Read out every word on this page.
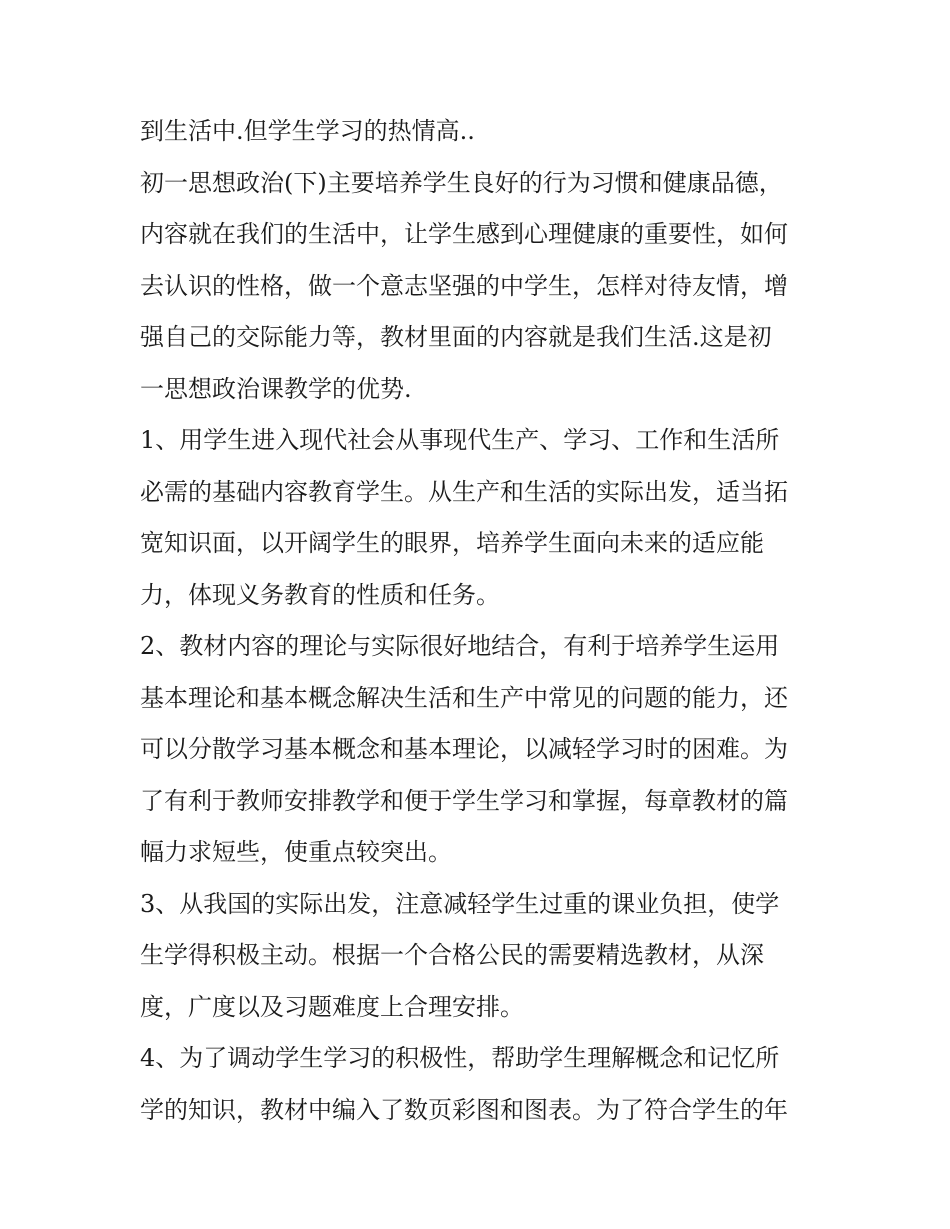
到生活中.但学生学习的热情高..
初一思想政治(下)主要培养学生良好的行为习惯和健康品德，
内容就在我们的生活中，让学生感到心理健康的重要性，如何
去认识的性格，做一个意志坚强的中学生，怎样对待友情，增
强自己的交际能力等，教材里面的内容就是我们生活.这是初
一思想政治课教学的优势.
1、用学生进入现代社会从事现代生产、学习、工作和生活所
必需的基础内容教育学生。从生产和生活的实际出发，适当拓
宽知识面，以开阔学生的眼界，培养学生面向未来的适应能
力，体现义务教育的性质和任务。
2、教材内容的理论与实际很好地结合，有利于培养学生运用
基本理论和基本概念解决生活和生产中常见的问题的能力，还
可以分散学习基本概念和基本理论，以减轻学习时的困难。为
了有利于教师安排教学和便于学生学习和掌握，每章教材的篇
幅力求短些，使重点较突出。
3、从我国的实际出发，注意减轻学生过重的课业负担，使学
生学得积极主动。根据一个合格公民的需要精选教材，从深
度，广度以及习题难度上合理安排。
4、为了调动学生学习的积极性，帮助学生理解概念和记忆所
学的知识，教材中编入了数页彩图和图表。为了符合学生的年
